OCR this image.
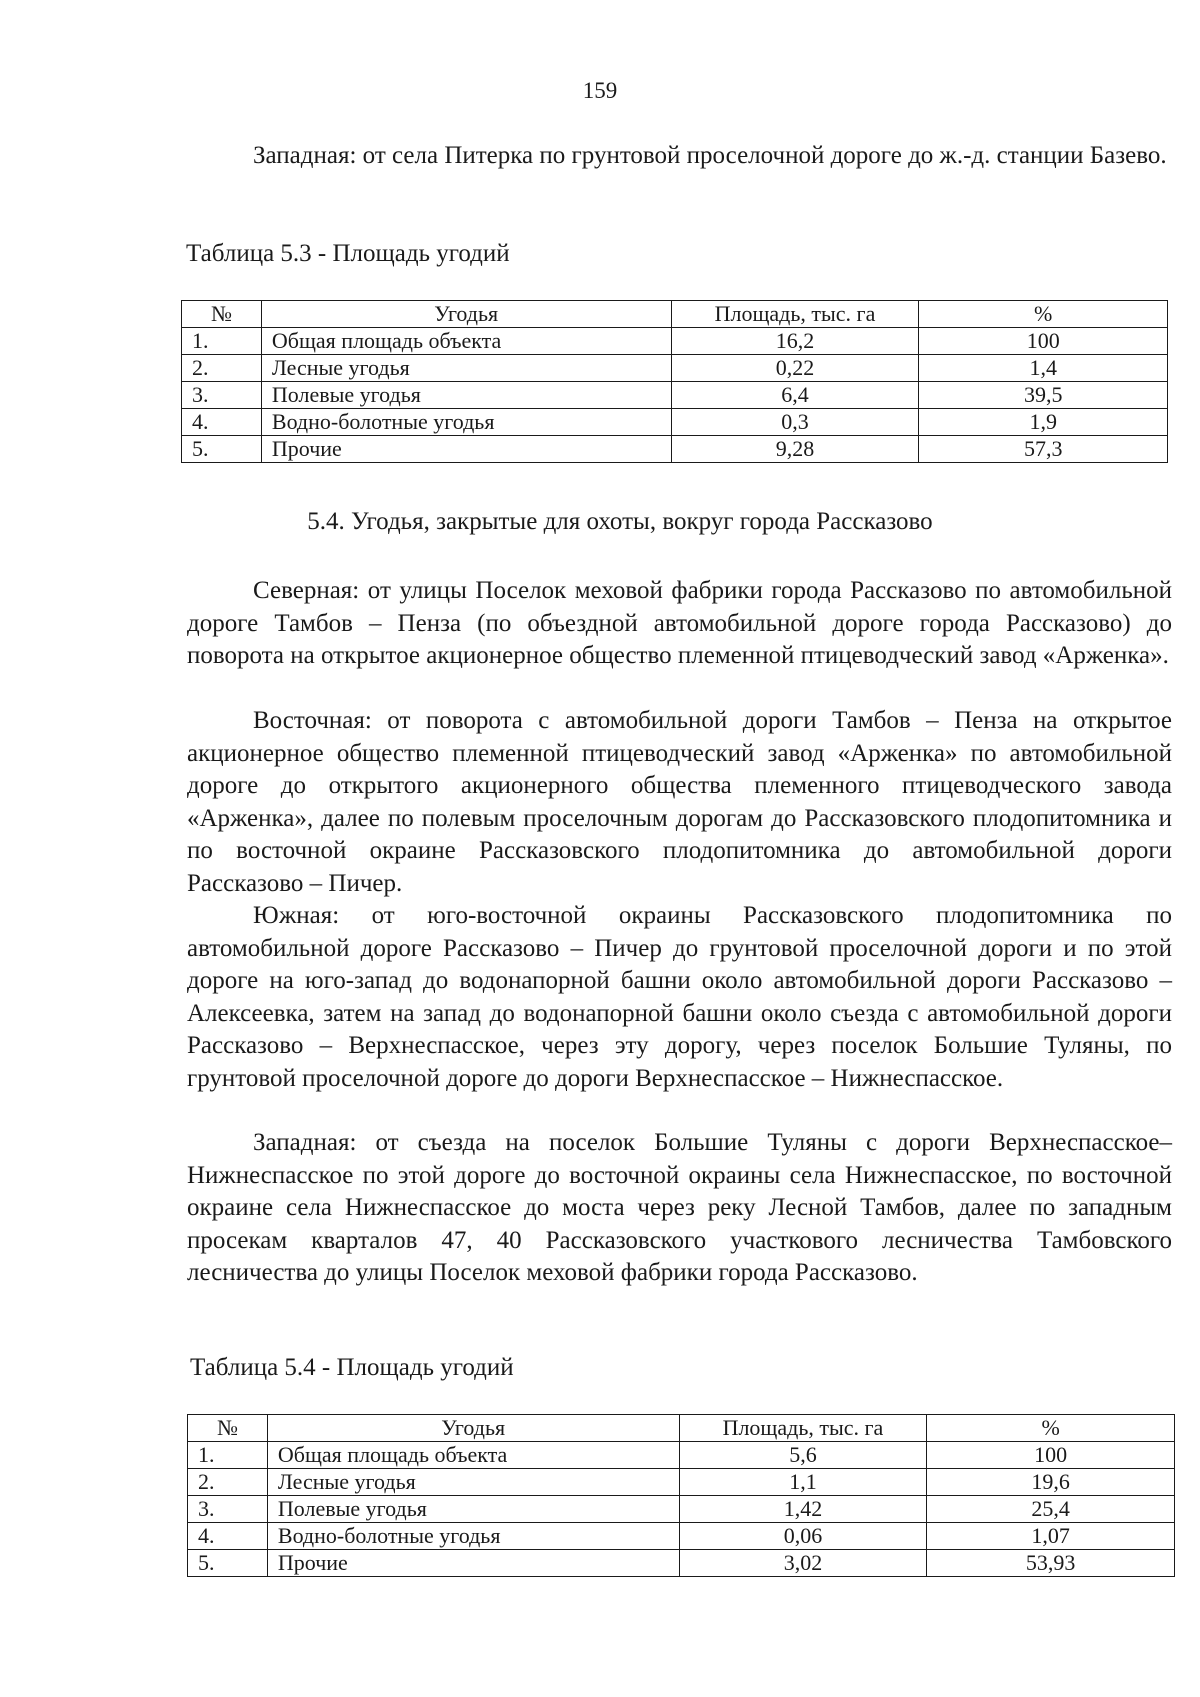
159

Западная: от села Питерка по грунтовой проселочной дороге до ж.-д. станции Базево.

Таблица 5.3 - Площадь угодий

№	Угодья	Площадь, тыс. га	%
1.	Общая площадь объекта	16,2	100
2.	Лесные угодья	0,22	1,4
3.	Полевые угодья	6,4	39,5
4.	Водно-болотные угодья	0,3	1,9
5.	Прочие	9,28	57,3
5.4. Угодья, закрытые для охоты, вокруг города Рассказово

Северная: от улицы Поселок меховой фабрики города Рассказово по автомобильной дороге Тамбов – Пенза (по объездной автомобильной дороге города Рассказово) до поворота на открытое акционерное общество племенной птицеводческий завод «Арженка».

Восточная: от поворота с автомобильной дороги Тамбов – Пенза на открытое акционерное общество племенной птицеводческий завод «Арженка» по автомобильной дороге до открытого акционерного общества племенного птицеводческого завода «Арженка», далее по полевым проселочным дорогам до Рассказовского плодопитомника и по восточной окраине Рассказовского плодопитомника до автомобильной дороги Рассказово – Пичер.

Южная: от юго-восточной окраины Рассказовского плодопитомника по автомобильной дороге Рассказово – Пичер до грунтовой проселочной дороги и по этой дороге на юго-запад до водонапорной башни около автомобильной дороги Рассказово – Алексеевка, затем на запад до водонапорной башни около съезда с автомобильной дороги Рассказово – Верхнеспасское, через эту дорогу, через поселок Большие Туляны, по грунтовой проселочной дороге до дороги Верхнеспасское – Нижнеспасское.

Западная: от съезда на поселок Большие Туляны с дороги Верхнеспасское–Нижнеспасское по этой дороге до восточной окраины села Нижнеспасское, по восточной окраине села Нижнеспасское до моста через реку Лесной Тамбов, далее по западным просекам кварталов 47, 40 Рассказовского участкового лесничества Тамбовского лесничества до улицы Поселок меховой фабрики города Рассказово.

Таблица 5.4 - Площадь угодий

№	Угодья	Площадь, тыс. га	%
1.	Общая площадь объекта	5,6	100
2.	Лесные угодья	1,1	19,6
3.	Полевые угодья	1,42	25,4
4.	Водно-болотные угодья	0,06	1,07
5.	Прочие	3,02	53,93
